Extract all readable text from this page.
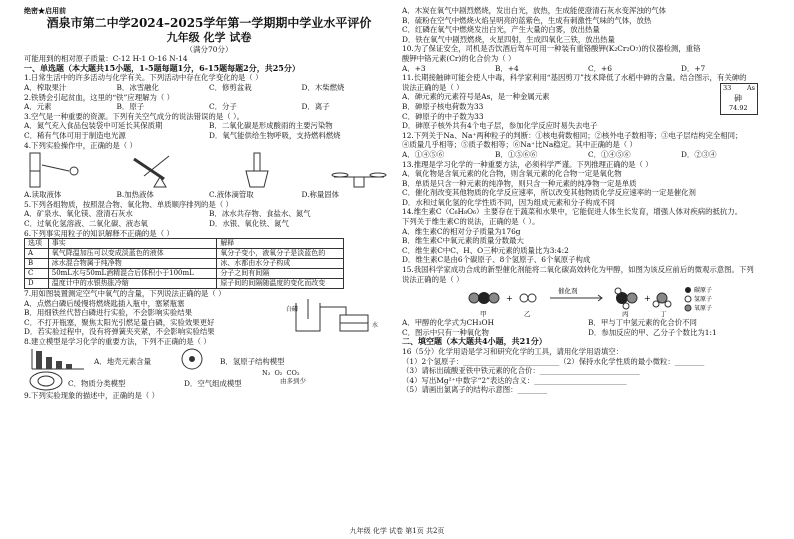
绝密★启用前
酒泉市第二中学2024–2025学年第一学期期中学业水平评价
九年级 化学 试卷
（满分70分）
可能用到的相对原子质量：C-12 H-1 O-16 N-14
一、单选题（本大题共15小题，1-5题每题1分，6-15题每题2分，共25分）
1.日常生活中的许多活动与化学有关。下列活动中存在化学变化的是（ ）
A．榨取果汁	B．冰雪融化	C．修剪盆栽	D．木柴燃烧
2.铁锈会引起贫血，这里的“铁”应理解为（ ）
A．元素	B．原子	C．分子	D．离子
3.空气是一种重要的资源。下列有关空气成分的说法错误的是（ ）。
A．氮气充入食品包装袋中可延长其保质期	B．二氧化碳是形成酸雨的主要污染物
C．稀有气体可用于制造电光源	D．氧气能供给生物呼吸，支持燃料燃烧
4.下列实验操作中，正确的是（ ）
A.读取液体	B.加热液体	C.液体滴管取	D.称量固体
5.下列各组物质，按照混合物、氧化物、单质顺序排列的是（ ）
A．矿泉水、氧化镁、澄清石灰水	B．冰水共存物、食盐水、氮气
C．过氧化氢溶液、二氧化碳、液态氧	D．水银、氧化铁、氮气
6.下列事实用粒子的知识解释不正确的是（ ）
选项	事实	解释
A	氧气降温加压可以变成淡蓝色的液体	氧分子变小，液氧分子是淡蓝色的
B	冰水混合物属于纯净物	冰、水都由水分子构成
C	50mL水与50mL酒精混合后体积小于100mL	分子之间有间隔
D	温度计中的水银热胀冷缩	原子间的间隔随温度的变化而改变
7.用如图装置测定空气中氧气的含量，下列说法正确的是（ ）
A．点燃白磷后缓慢将燃烧匙插入瓶中，塞紧瓶塞
B．用细铁丝代替白磷进行实验，不会影响实验结果
C．不打开瓶塞，聚焦太阳光引燃足量白磷，实验效果更好
D．若实验过程中，没有将弹簧夹夹紧，不会影响实验结果
白磷
水
8.建立模型是学习化学的重要方法，下列不正确的是（ ）
A．地壳元素含量	B．氢原子结构模型
C．物质分类模型	D．空气组成模型
N₂ O₂ CO₂
由多到少
9.下列实验现象的描述中，正确的是（ ）
A．木炭在氧气中剧烈燃烧，发出白光，放热，生成能使澄清石灰水变浑浊的气体
B．硫粉在空气中燃烧火焰呈明亮的蓝紫色，生成有刺激性气味的气体，放热
C．红磷在氧气中燃烧发出白光，产生大量的白雾，放出热量
D．铁在氧气中剧烈燃烧，火星四射，生成四氧化三铁，放出热量
10.为了保证安全，司机是否饮酒后驾车可用一种装有重铬酸钾(K₂Cr₂O₇)的仪器检测，重铬
酸钾中铬元素(Cr)的化合价为（ ）
A．+3	B．+4	C．+6	D．+7
11.长期接触砷可能会使人中毒，科学家利用“基因剪刀”技术降低了水稻中砷的含量。结合图示，有关砷的
说法正确的是（ ）
A．砷元素的元素符号是As，是一种金属元素
B．砷原子核电荷数为33
C．砷原子的中子数为33
D．砷原子核外共有4个电子层，参加化学反应时易失去电子
33 As
砷
74.92
12.下列关于Na、Na⁺两种粒子的判断：①核电荷数相同；②核外电子数相等；③电子层结构完全相同；
④质量几乎相等；⑤质子数相等；⑥Na⁺比Na稳定。其中正确的是（ ）
A．①④⑤⑥	B．①⑤⑥⑥	C．①④⑤⑥	D．②③④
13.推理是学习化学的一种重要方法，必须科学严谨。下列推理正确的是（ ）
A．氧化物是含氧元素的化合物，则含氧元素的化合物一定是氧化物
B．单质是只含一种元素的纯净物，则只含一种元素的纯净物一定是单质
C．催化剂改变其他物质的化学反应速率，所以改变其他物质化学反应速率的一定是催化剂
D．水和过氧化氢的化学性质不同，因为组成元素和分子构成不同
14.维生素C（C₆H₈O₆）主要存在于蔬菜和水果中，它能促进人体生长发育，增强人体对疾病的抵抗力。
下列关于维生素C的说法，正确的是（ ）。
A．维生素C的相对分子质量为176g
B．维生素C中氧元素的质量分数最大
C．维生素C中C、H、O三种元素的质量比为3:4:2
D．维生素C是由6个碳原子、8个氢原子、6个氧原子构成
15.我国科学家成功合成的新型催化剂能将二氧化碳高效转化为甲醇，如图为该反应前后的微观示意图。下列
说法正确的是（ ）
+	+
催化剂
甲	乙	丙	丁
碳原子
氢原子
氧原子
A．甲醇的化学式为CH₃OH	B．甲与丁中氢元素的化合价不同
C．图示中只有一种氧化物	D．参加反应的甲、乙分子个数比为1:1
二、填空题（本大题共4小题，共21分）
16（5分）化学用语是学习和研究化学的工具，请用化学用语填空：
（1）2个氢原子：__________________________（2）保持水化学性质的最小微粒：________
（3）请标出硫酸亚铁中铁元素的化合价：___________________________
（4）写出Mg²⁺中数字“2”表达的含义：_________________________
（5）请画出氯离子的结构示意图：________
九年级 化学 试卷 第1页 共2页
